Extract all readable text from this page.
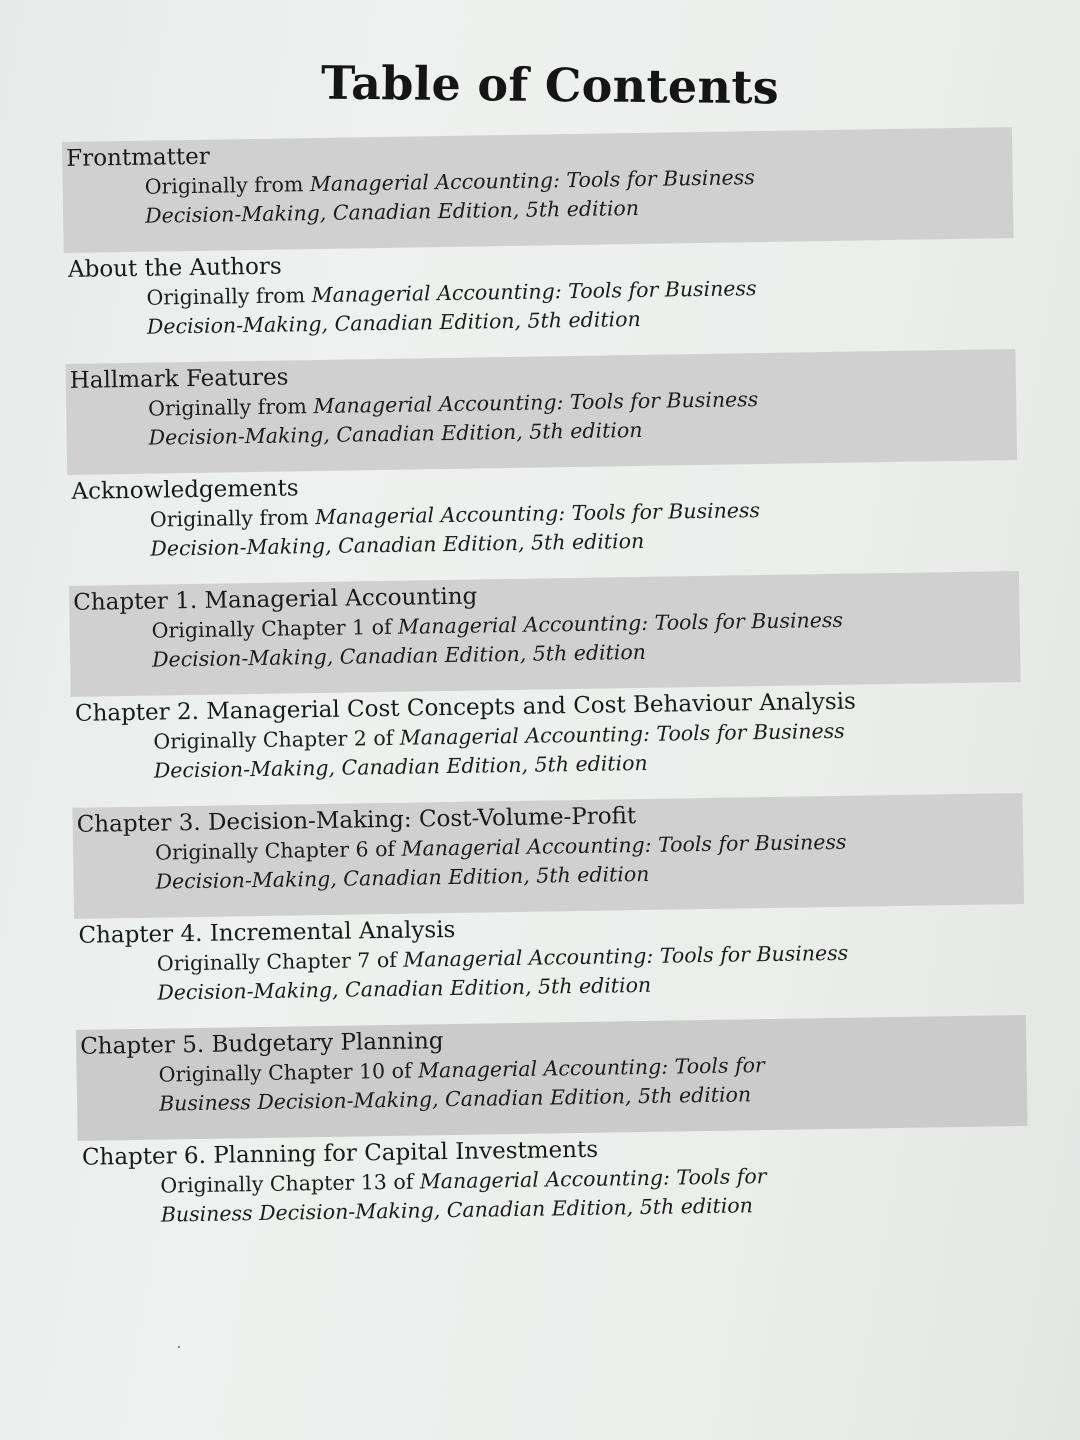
Table of Contents
Frontmatter
Originally from Managerial Accounting: Tools for Business Decision-Making, Canadian Edition, 5th edition
About the Authors
Originally from Managerial Accounting: Tools for Business Decision-Making, Canadian Edition, 5th edition
Hallmark Features
Originally from Managerial Accounting: Tools for Business Decision-Making, Canadian Edition, 5th edition
Acknowledgements
Originally from Managerial Accounting: Tools for Business Decision-Making, Canadian Edition, 5th edition
Chapter 1. Managerial Accounting
Originally Chapter 1 of Managerial Accounting: Tools for Business Decision-Making, Canadian Edition, 5th edition
Chapter 2. Managerial Cost Concepts and Cost Behaviour Analysis
Originally Chapter 2 of Managerial Accounting: Tools for Business Decision-Making, Canadian Edition, 5th edition
Chapter 3. Decision-Making: Cost-Volume-Profit
Originally Chapter 6 of Managerial Accounting: Tools for Business Decision-Making, Canadian Edition, 5th edition
Chapter 4. Incremental Analysis
Originally Chapter 7 of Managerial Accounting: Tools for Business Decision-Making, Canadian Edition, 5th edition
Chapter 5. Budgetary Planning
Originally Chapter 10 of Managerial Accounting: Tools for Business Decision-Making, Canadian Edition, 5th edition
Chapter 6. Planning for Capital Investments
Originally Chapter 13 of Managerial Accounting: Tools for Business Decision-Making, Canadian Edition, 5th edition
